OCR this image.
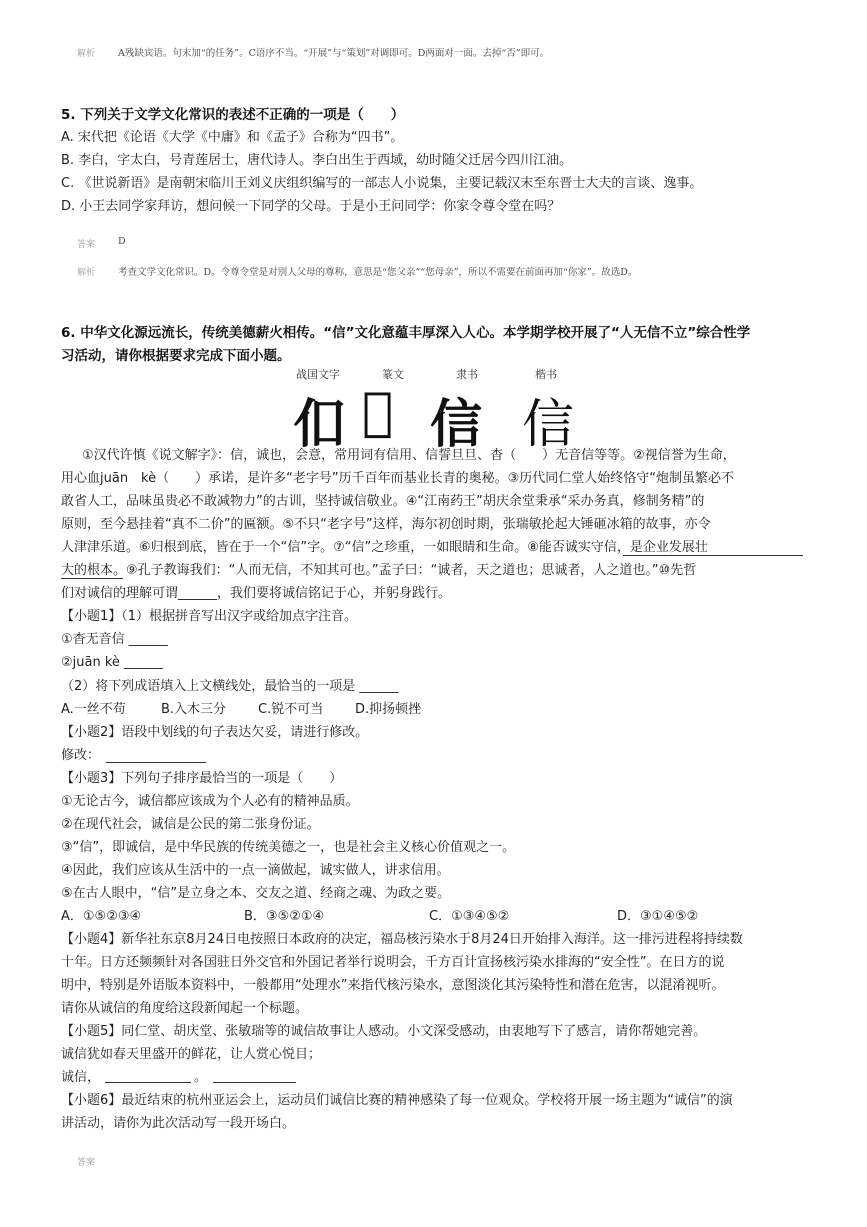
解析 A残缺宾语。句末加“的任务”。C语序不当。“开展”与“策划”对调即可。D两面对一面。去掉“否”即可。
5. 下列关于文学文化常识的表述不正确的一项是（　　）
A. 宋代把《论语《大学《中庸》和《孟子》合称为“四书”。
B. 李白，字太白，号青莲居士，唐代诗人。李白出生于西域，幼时随父迁居今四川江油。
C. 《世说新语》是南朝宋临川王刘义庆组织编写的一部志人小说集，主要记载汉末至东晋士大夫的言谈、逸事。
D. 小王去同学家拜访，想问候一下同学的父母。于是小王问同学：你家令尊令堂在吗？
答案 D
解析 考查文学文化常识。D。令尊令堂是对别人父母的尊称，意思是“您父亲”“您母亲”，所以不需要在前面再加“你家”。故选D。
6. 中华文化源远流长，传统美德薪火相传。“信”文化意蕴丰厚深入人心。本学期学校开展了“人无信不立”综合性学
习活动，请你根据要求完成下面小题。
战国文字	篆文	隶书	楷书
㐰 𠅉 信 信
①汉代许慎《说文解字》：信，诚也，会意，常用词有信用、信誓旦旦、杳（　　）无音信等等。②视信誉为生命，
用心血juān　kè（　　）承诺，是许多“老字号”历千百年而基业长青的奥秘。③历代同仁堂人始终恪守“炮制虽繁必不
敢省人工，品味虽贵必不敢减物力”的古训，坚持诚信敬业。④“江南药王”胡庆余堂秉承“采办务真，修制务精”的
原则，至今悬挂着“真不二价”的匾额。⑤不只“老字号”这样，海尔初创时期，张瑞敏抡起大锤砸冰箱的故事，亦令
人津津乐道。⑥归根到底，皆在于一个“信”字。⑦“信”之珍重，一如眼睛和生命。⑧能否诚实守信，是企业发展壮
大的根本。⑨孔子教诲我们：“人而无信，不知其可也。”孟子曰：“诚者，天之道也；思诚者，人之道也。”⑩先哲
们对诚信的理解可谓______，我们要将诚信铭记于心，并躬身践行。
【小题1】（1）根据拼音写出汉字或给加点字注音。
①杳无音信 ______
②juān kè ______
（2）将下列成语填入上文横线处，最恰当的一项是 ______
A.一丝不苟	B.入木三分 C.锐不可当 D.抑扬顿挫
【小题2】语段中划线的句子表达欠妥，请进行修改。
修改：
【小题3】下列句子排序最恰当的一项是（　　）
①无论古今，诚信都应该成为个人必有的精神品质。
②在现代社会，诚信是公民的第二张身份证。
③“信”，即诚信，是中华民族的传统美德之一，也是社会主义核心价值观之一。
④因此，我们应该从生活中的一点一滴做起，诚实做人，讲求信用。
⑤在古人眼中，“信”是立身之本、交友之道、经商之魂、为政之要。
A．①⑤②③④	B．③⑤②①④	C．①③④⑤②	D．③①④⑤②
【小题4】新华社东京8月24日电按照日本政府的决定，福岛核污染水于8月24日开始排入海洋。这一排污进程将持续数
十年。日方还频频针对各国驻日外交官和外国记者举行说明会，千方百计宣扬核污染水排海的“安全性”。在日方的说
明中，特别是外语版本资料中，一般都用“处理水”来指代核污染水，意图淡化其污染特性和潜在危害，以混淆视听。
请你从诚信的角度给这段新闻起一个标题。
【小题5】同仁堂、胡庆堂、张敏瑞等的诚信故事让人感动。小文深受感动，由衷地写下了感言，请你帮她完善。
诚信犹如春天里盛开的鲜花，让人赏心悦目；
诚信，	。
【小题6】最近结束的杭州亚运会上，运动员们诚信比赛的精神感染了每一位观众。学校将开展一场主题为“诚信”的演
讲活动，请你为此次活动写一段开场白。
答案
